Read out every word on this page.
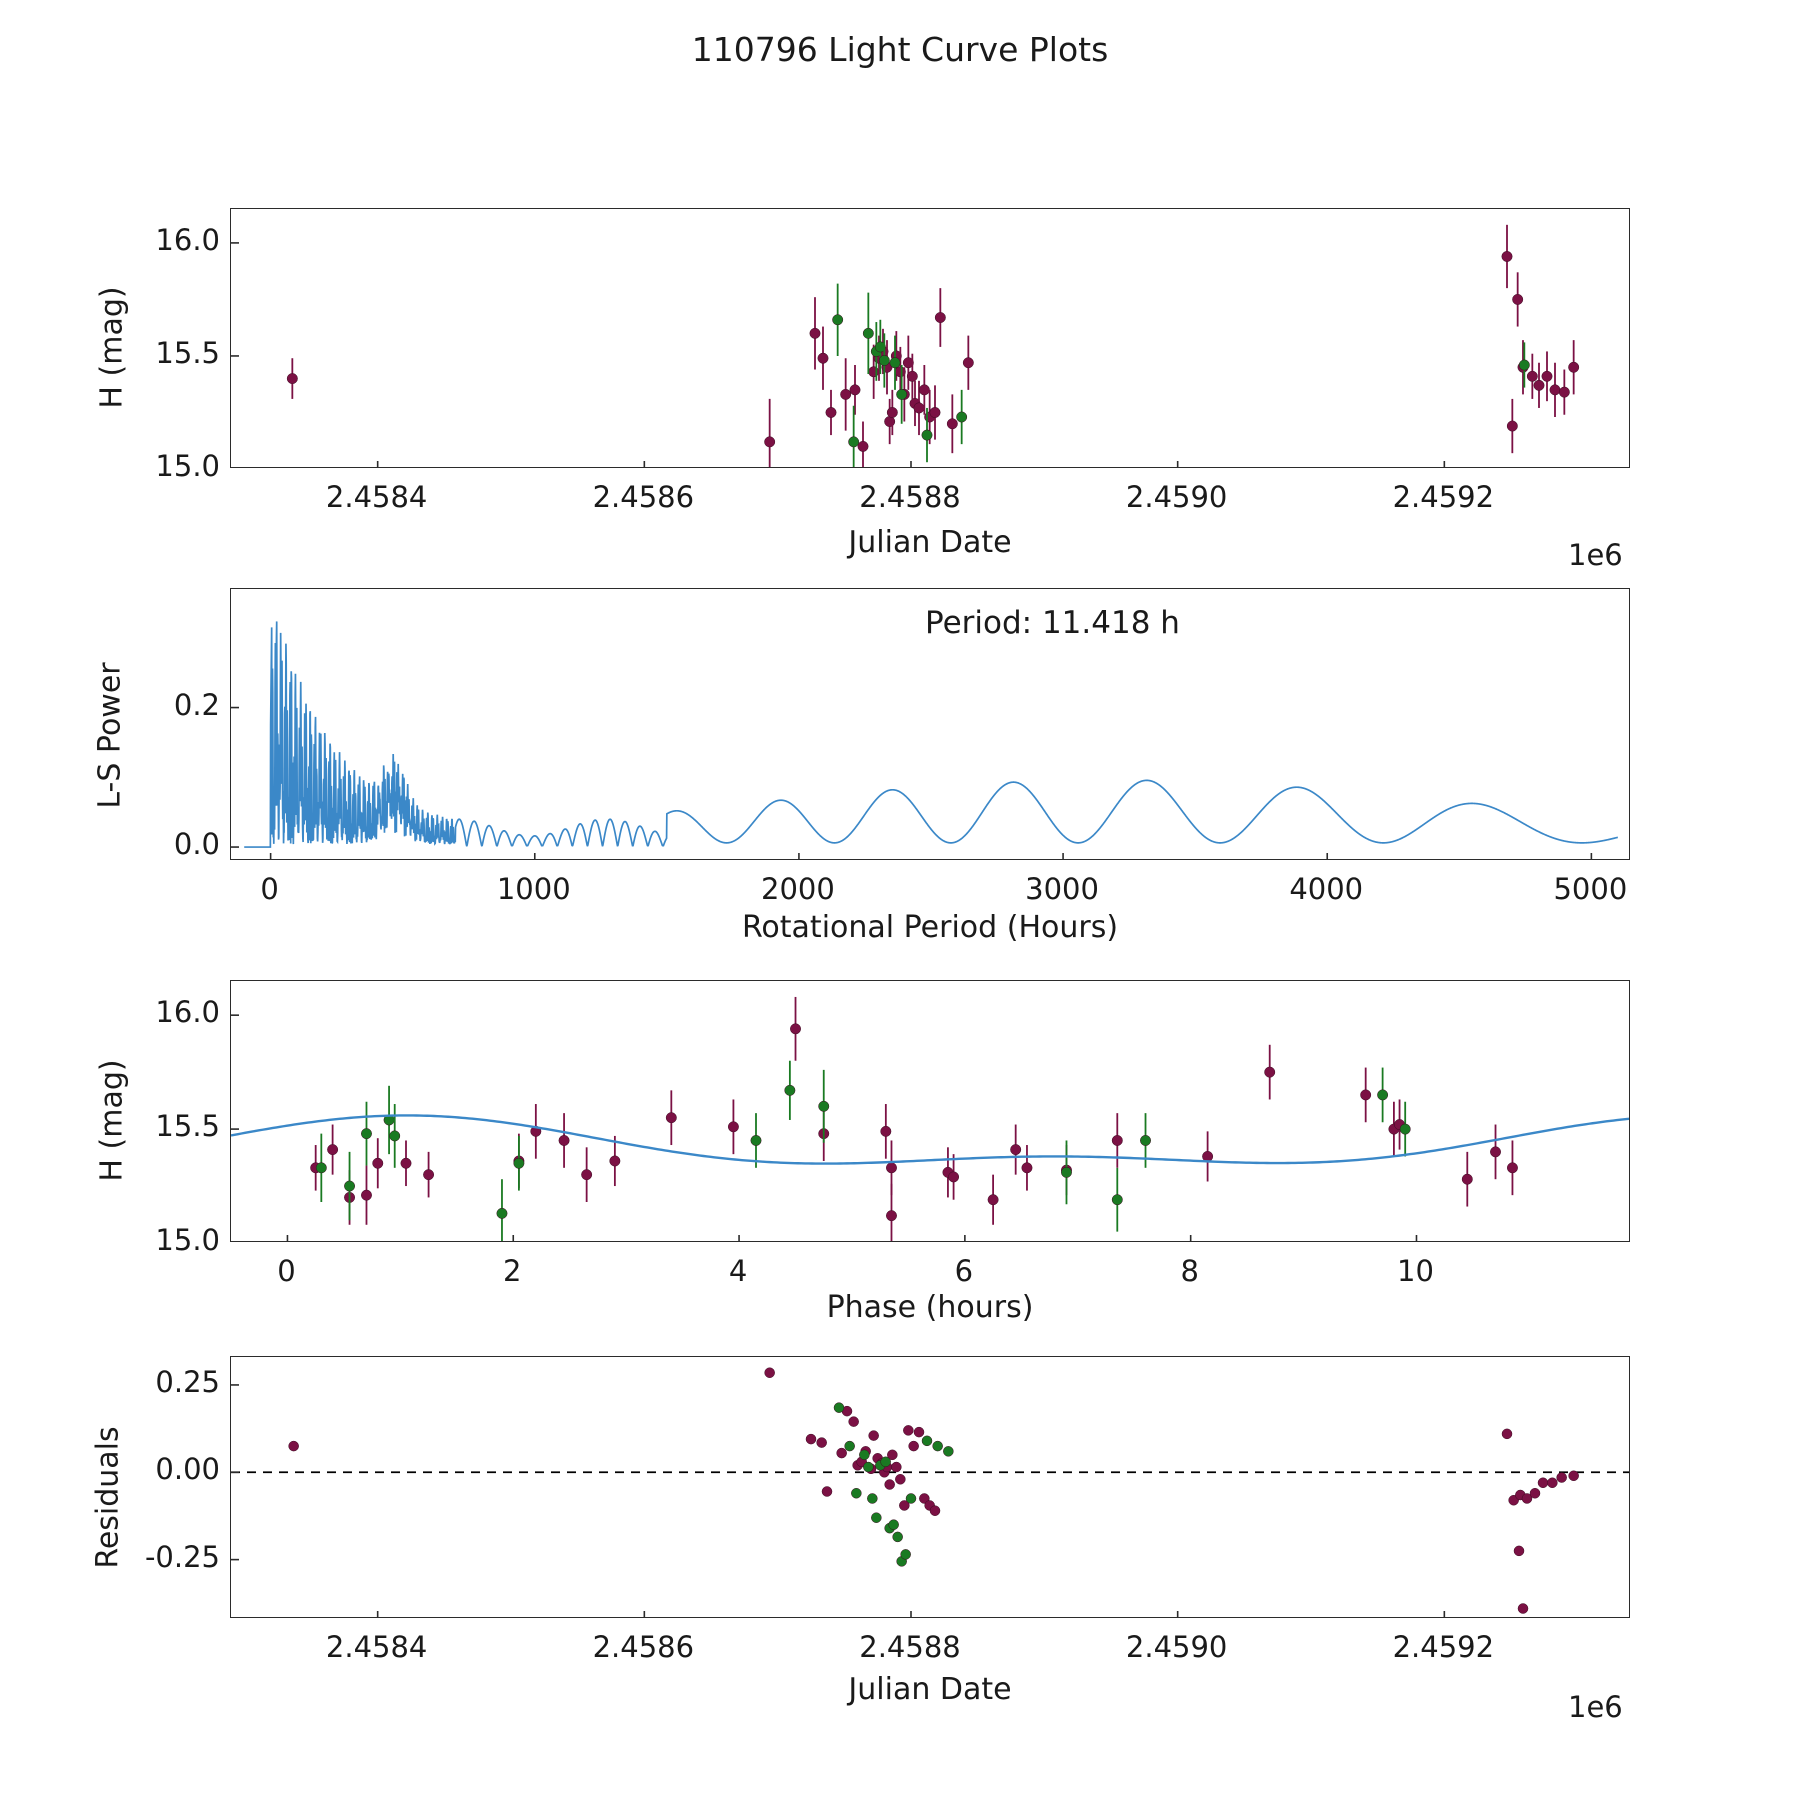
110796 Light Curve Plots
H (mag)
Julian Date	1e6
L-S Power
Rotational Period (Hours)
Period: 11.418 h
H (mag)
Phase (hours)
Residuals
Julian Date	1e6
2.4584	2.4586	2.4588	2.4590	2.4592
15.0
15.5
16.0
0	1000	2000	3000	4000	5000
0.0
0.2
0	2	4	6	8	10
15.0
15.5
16.0
2.4584	2.4586	2.4588	2.4590	2.4592
-0.25
0.00
0.25
